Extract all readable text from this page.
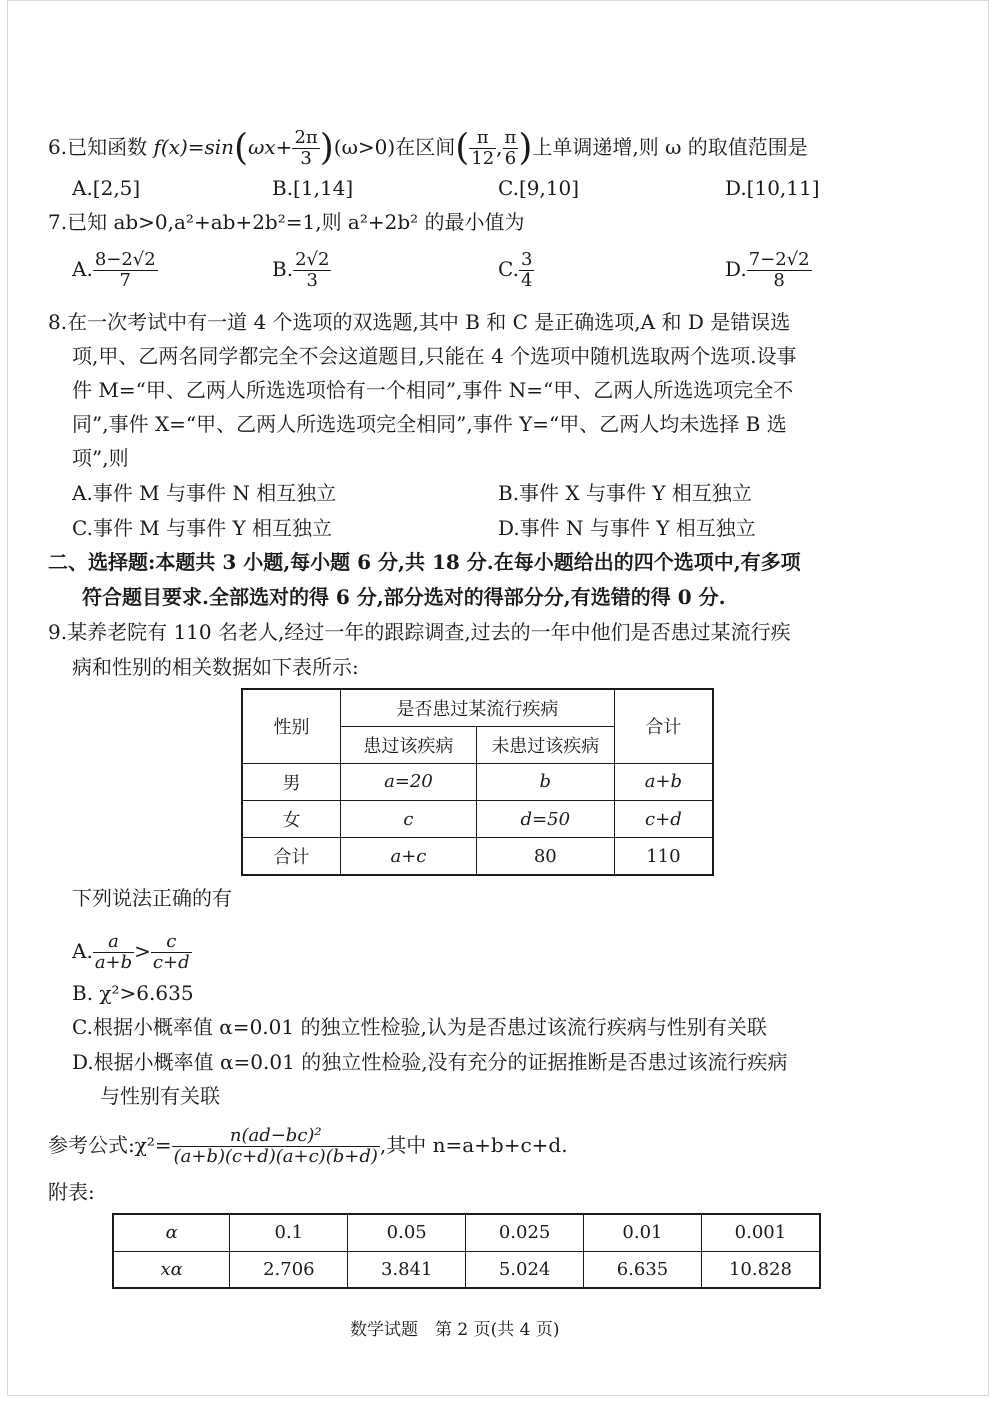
6.已知函数 $f(x)=\sin(\omega x+ \frac{2\pi}{3} )(\omega>0)$在区间( $\frac{\pi}{12}$ , $\frac{\pi}{6}$ )上单调递增,则 ω 的取值范围是
A.[2,5]	B.[1,14]	C.[9,10]	D.[10,11]
7.已知 ab>0,a²+ab+2b²=1,则 a²+2b² 的最小值为
A. $\frac{8-2√2}{7}$	B. $\frac{2√2}{3}$	C. $\frac{3}{4}$	D. $\frac{7-2√2}{8}$
8.在一次考试中有一道 4 个选项的双选题,其中 B 和 C 是正确选项,A 和 D 是错误选
项,甲、乙两名同学都完全不会这道题目,只能在 4 个选项中随机选取两个选项.设事
件 M=“甲、乙两人所选选项恰有一个相同”,事件 N=“甲、乙两人所选选项完全不
同”,事件 X=“甲、乙两人所选选项完全相同”,事件 Y=“甲、乙两人均未选择 B 选
项”,则
A.事件 M 与事件 N 相互独立	B.事件 X 与事件 Y 相互独立
C.事件 M 与事件 Y 相互独立	D.事件 N 与事件 Y 相互独立
二、选择题:本题共 3 小题,每小题 6 分,共 18 分.在每小题给出的四个选项中,有多项
符合题目要求.全部选对的得 6 分,部分选对的得部分分,有选错的得 0 分.
9.某养老院有 110 名老人,经过一年的跟踪调查,过去的一年中他们是否患过某流行疾
病和性别的相关数据如下表所示:
性别	是否患过某流行疾病		合计
	患过该疾病	未患过该疾病	
男	a=20	b	a+b
女	c	d=50	c+d
合计	a+c	80	110
下列说法正确的有
A. $\frac{a}{a+b} > \frac{c}{c+d}$
B. χ²>6.635
C.根据小概率值 α=0.01 的独立性检验,认为是否患过该流行疾病与性别有关联
D.根据小概率值 α=0.01 的独立性检验,没有充分的证据推断是否患过该流行疾病
与性别有关联
参考公式:χ²= $\frac{\text{n(ad−bc)²}}{(a+b)(c+d)(a+c)(b+d)}$ ,其中 n=a+b+c+d.
附表:
α	0.1	0.05	0.025	0.01	0.001
xα	2.706	3.841	5.024	6.635	10.828
数学试题　第 2 页(共 4 页)
